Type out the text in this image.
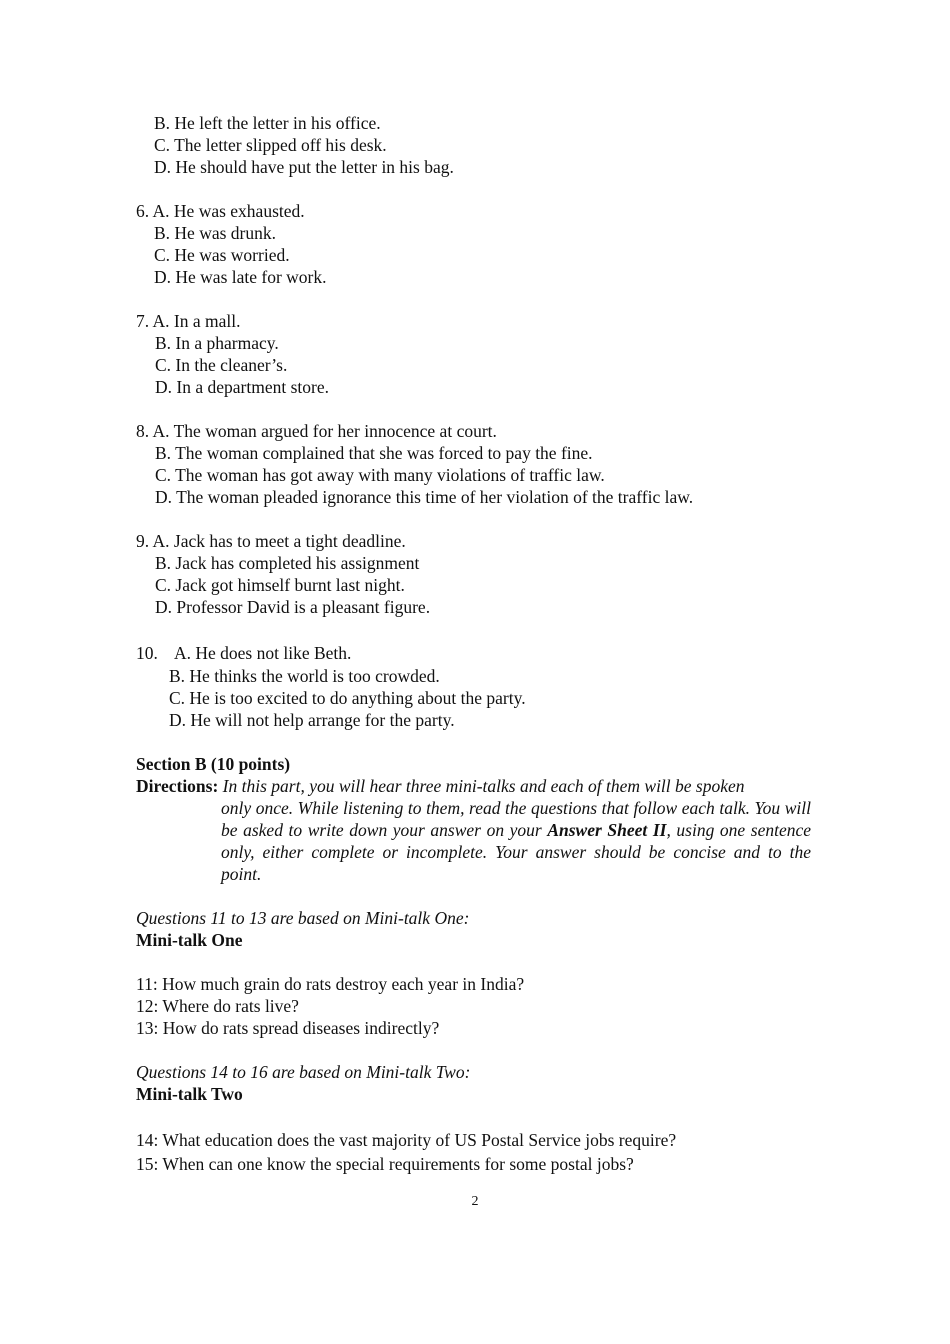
B. He left the letter in his office.
C. The letter slipped off his desk.
D. He should have put the letter in his bag.
6. A. He was exhausted.
B. He was drunk.
C. He was worried.
D. He was late for work.
7. A. In a mall.
B. In a pharmacy.
C. In the cleaner’s.
D. In a department store.
8. A. The woman argued for her innocence at court.
B. The woman complained that she was forced to pay the fine.
C. The woman has got away with many violations of traffic law.
D. The woman pleaded ignorance this time of her violation of the traffic law.
9. A. Jack has to meet a tight deadline.
B. Jack has completed his assignment
C. Jack got himself burnt last night.
D. Professor David is a pleasant figure.
10. A. He does not like Beth.
B. He thinks the world is too crowded.
C. He is too excited to do anything about the party.
D. He will not help arrange for the party.
Section B (10 points)
Directions: In this part, you will hear three mini-talks and each of them will be spoken
only once. While listening to them, read the questions that follow each talk. You will be asked to write down your answer on your Answer Sheet II, using one sentence only, either complete or incomplete. Your answer should be concise and to the point.
Questions 11 to 13 are based on Mini-talk One:
Mini-talk One
11: How much grain do rats destroy each year in India?
12: Where do rats live?
13: How do rats spread diseases indirectly?
Questions 14 to 16 are based on Mini-talk Two:
Mini-talk Two
14: What education does the vast majority of US Postal Service jobs require?
15: When can one know the special requirements for some postal jobs?
2
